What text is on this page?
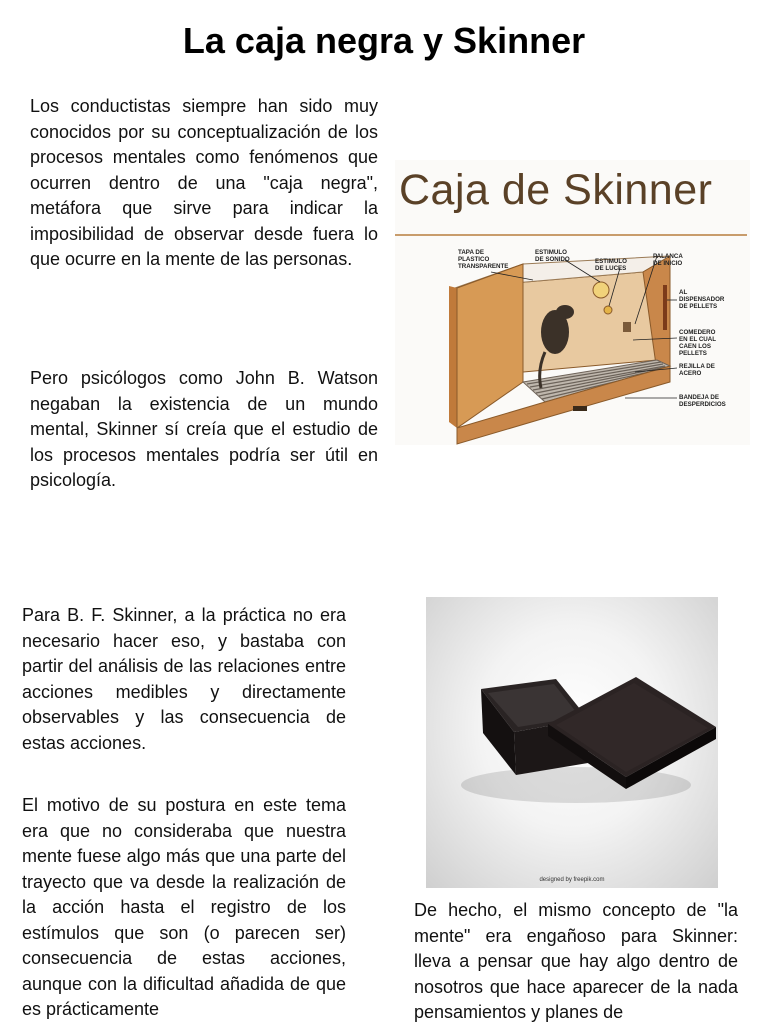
La caja negra y Skinner
Los conductistas siempre han sido muy conocidos por su conceptualización de los procesos mentales como fenómenos que ocurren dentro de una "caja negra", metáfora que sirve para indicar la imposibilidad de observar desde fuera lo que ocurre en la mente de las personas.
Caja de Skinner
TAPA DE
PLASTICO
TRANSPARENTE
ESTIMULO
DE SONIDO	ESTIMULO
DE LUCES
PALANCA
DE INICIO
AL
DISPENSADOR
DE PELLETS
COMEDERO
EN EL CUAL
CAEN LOS
PELLETS
REJILLA DE
ACERO
BANDEJA DE
DESPERDICIOS
Pero psicólogos como John B. Watson negaban la existencia de un mundo mental, Skinner sí creía que el estudio de los procesos mentales podría ser útil en psicología.
Para B. F. Skinner, a la práctica no era necesario hacer eso, y bastaba con partir del análisis de las relaciones entre acciones medibles y directamente observables y las consecuencia de estas acciones.
designed by freepik.com
El motivo de su postura en este tema era que no consideraba que nuestra mente fuese algo más que una parte del trayecto que va desde la realización de la acción hasta el registro de los estímulos que son (o parecen ser) consecuencia de estas acciones, aunque con la dificultad añadida de que es prácticamente
De hecho, el mismo concepto de "la mente" era engañoso para Skinner: lleva a pensar que hay algo dentro de nosotros que hace aparecer de la nada pensamientos y planes de
